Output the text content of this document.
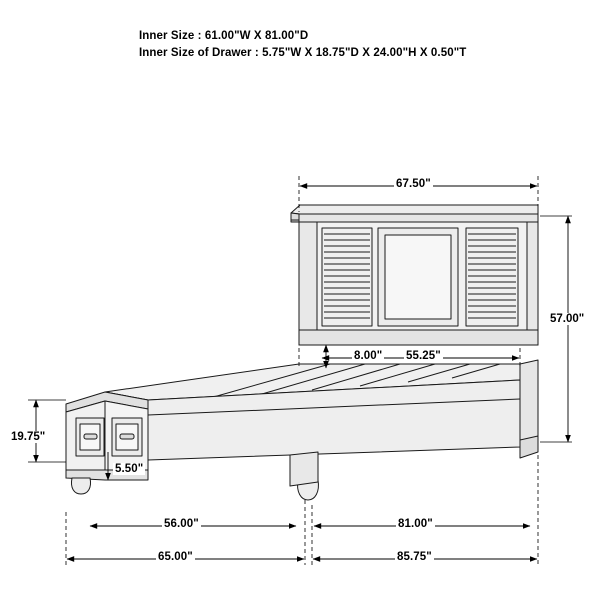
Inner Size : 61.00"W X 81.00"D
Inner Size of Drawer : 5.75"W X 18.75"D X 24.00"H X 0.50"T
67.50"
57.00"
55.25"
8.00"
19.75"
5.50"
56.00"	81.00"
65.00"	85.75"
